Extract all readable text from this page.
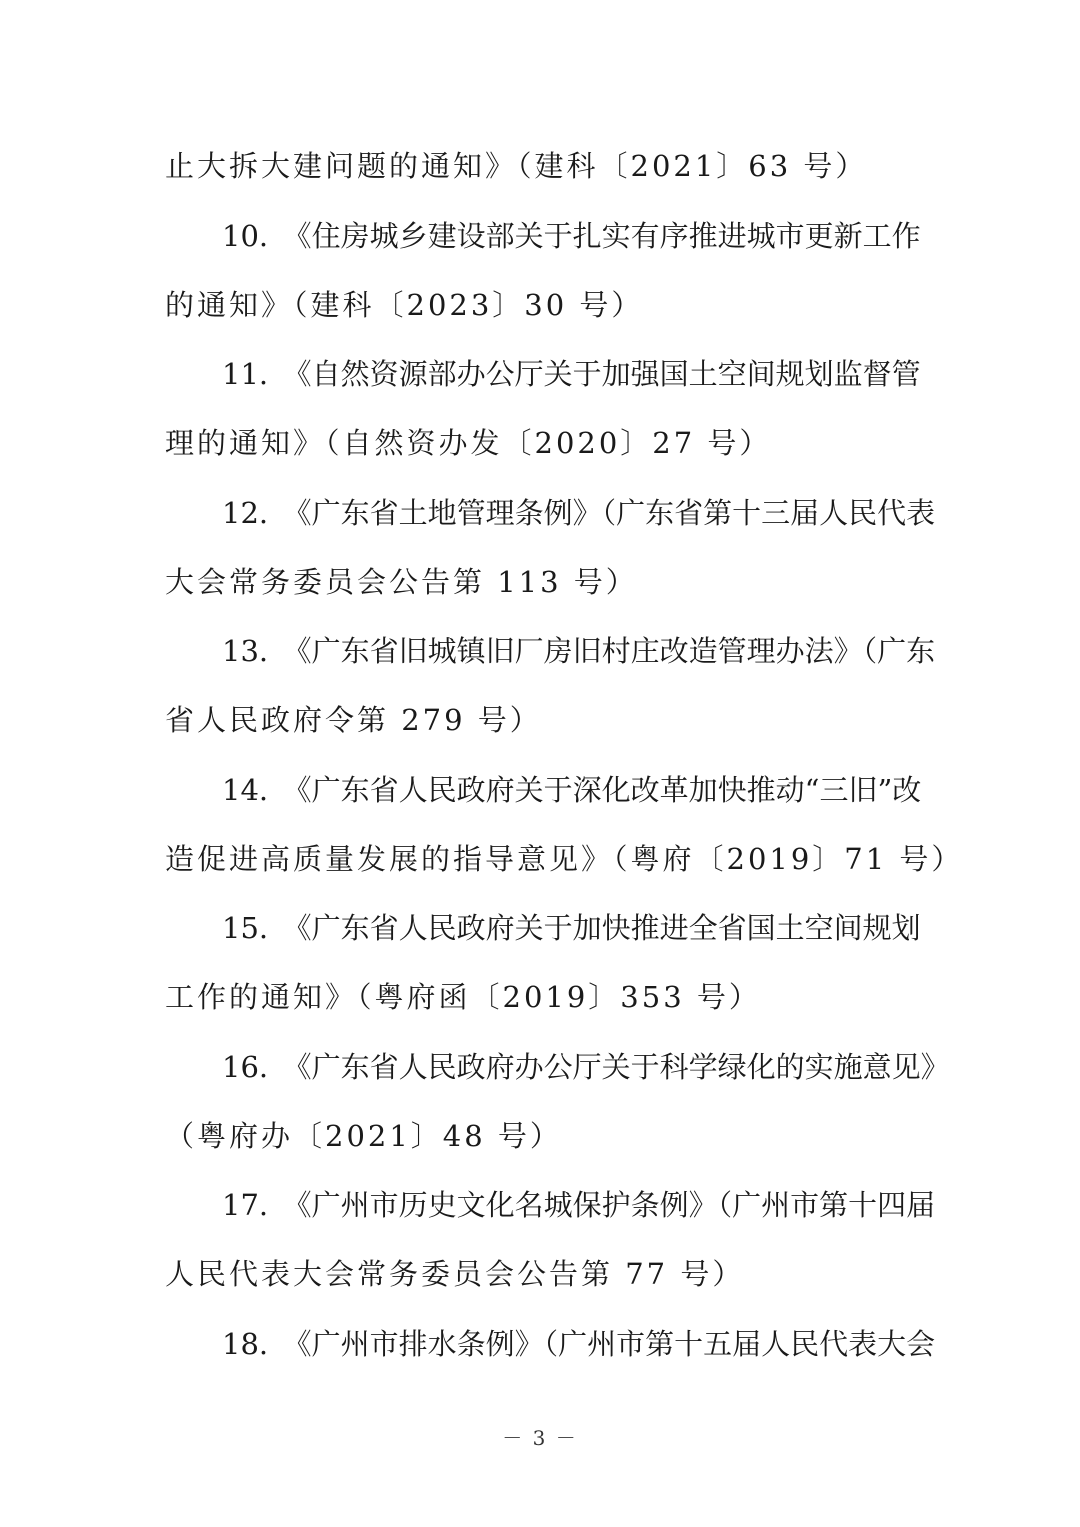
止大拆大建问题的通知》（建科〔2021〕63 号）
10.　《住房城乡建设部关于扎实有序推进城市更新工作
的通知》（建科〔2023〕30 号）
11.　《自然资源部办公厅关于加强国土空间规划监督管
理的通知》（自然资办发〔2020〕27 号）
12.　《广东省土地管理条例》（广东省第十三届人民代表
大会常务委员会公告第 113 号）
13.　《广东省旧城镇旧厂房旧村庄改造管理办法》（广东
省人民政府令第 279 号）
14.　《广东省人民政府关于深化改革加快推动“三旧”改
造促进高质量发展的指导意见》（粤府〔2019〕71 号）
15.　《广东省人民政府关于加快推进全省国土空间规划
工作的通知》（粤府函〔2019〕353 号）
16.　《广东省人民政府办公厅关于科学绿化的实施意见》
（粤府办〔2021〕48 号）
17.　《广州市历史文化名城保护条例》（广州市第十四届
人民代表大会常务委员会公告第 77 号）
18.　《广州市排水条例》（广州市第十五届人民代表大会
－ 3 －
